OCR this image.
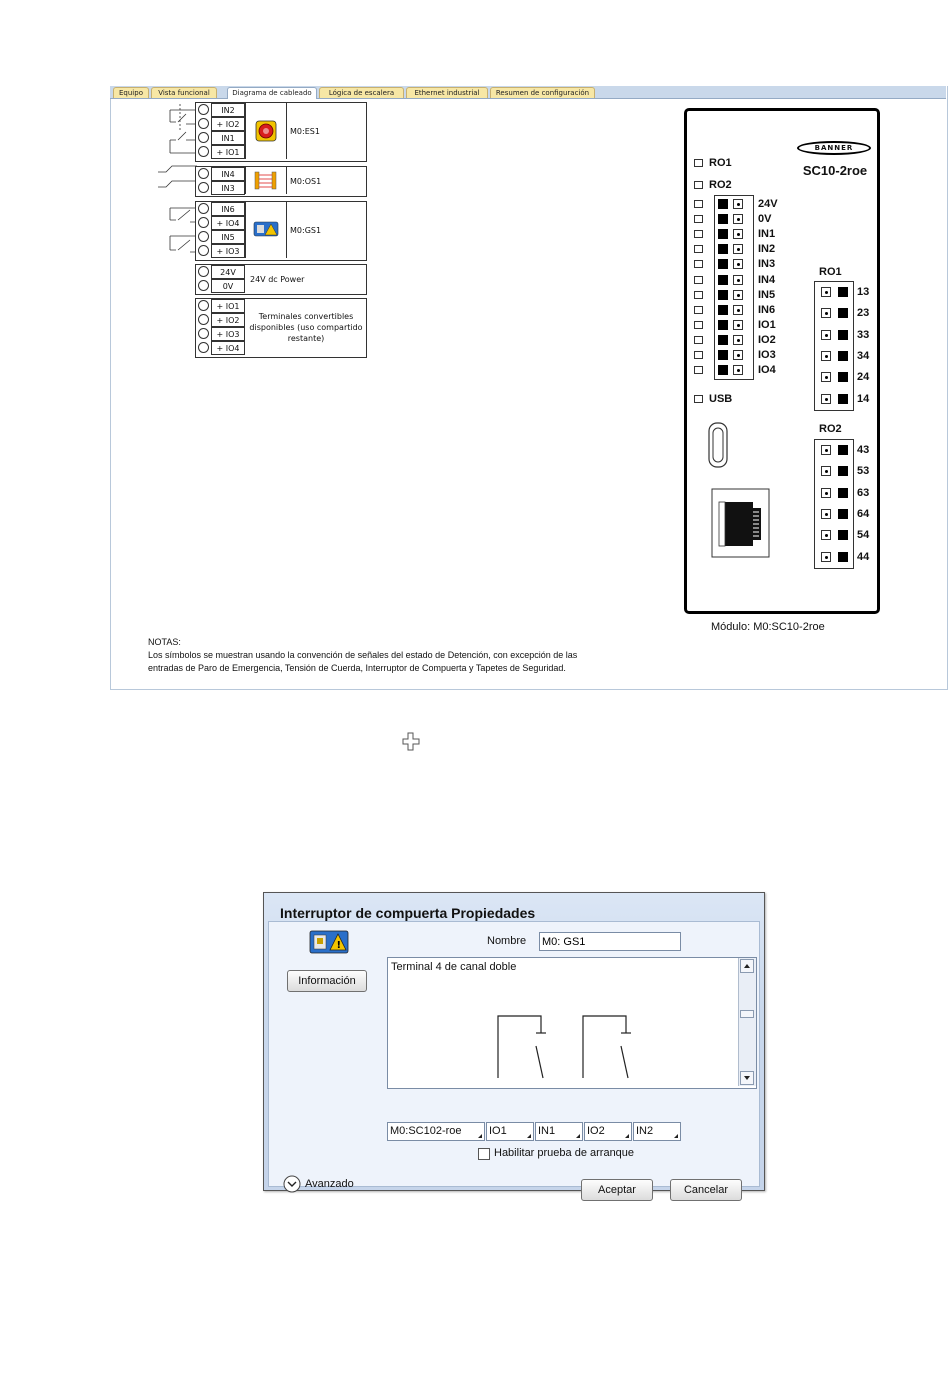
Equipo	Vista funcional	Diagrama de cableado	Lógica de escalera	Ethernet industrial	Resumen de configuración
IN2
+ IO2
IN1
+ IO1
M0:ES1
IN4
IN3
M0:OS1
IN6
+ IO4
IN5
+ IO3
M0:GS1
24V
0V
24V dc Power
+ IO1
+ IO2
+ IO3
+ IO4
Terminales convertibles
disponibles (uso compartido
restante)
BANNER
SC10-2roe
RO1
RO2
24V
0V
IN1
IN2
IN3
IN4
IN5
IN6
IO1
IO2
IO3
IO4
USB
RO1
13
23
33
34
24
14
RO2
43
53
63
64
54
44
Módulo: M0:SC10-2roe
NOTAS:
Los símbolos se muestran usando la convención de señales del estado de Detención, con excepción de las
entradas de Paro de Emergencia, Tensión de Cuerda, Interruptor de Compuerta y Tapetes de Seguridad.
Interruptor de compuerta Propiedades
!
Información
Nombre
M0: GS1
Terminal 4 de canal doble
M0:SC102-roe	IO1	IN1	IO2	IN2
Habilitar prueba de arranque
Avanzado	Aceptar	Cancelar
